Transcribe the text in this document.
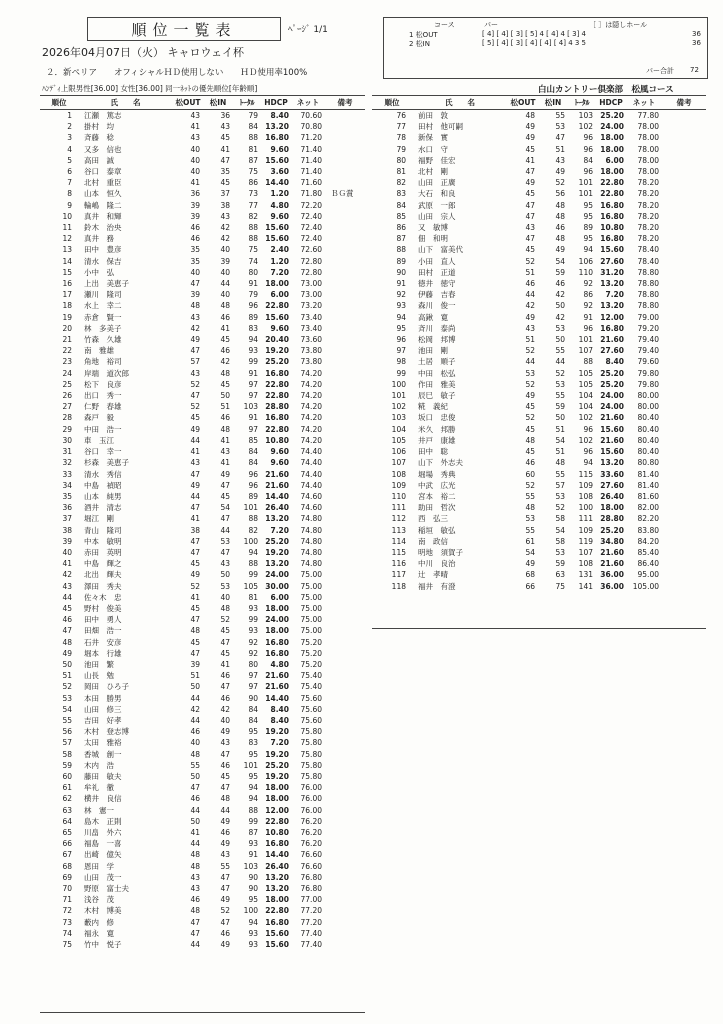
順位一覧表	ﾍﾟｰｼﾞ 1/1
2026年04月07日（火） キャロウェイ杯
２．新ペリア　　オフィシャルＨＤ使用しない　　ＨＤ使用率100%
ﾊﾝﾃﾞｨ上限男性[36.00] 女性[36.00] 同一ﾈｯﾄの優先順位[年齢順]
コース	パー	［ ］は隠しホール
1 松OUT	[ 4] [ 4] [ 3] [ 5] 4 [ 4] 4 [ 3] 4	36
2 松IN	[ 5] [ 4] [ 3] [ 4] [ 4] [ 4] 4 3 5	36
パー合計 72
白山カントリー倶楽部　松風コース
順位	氏　　名	松OUT	松IN	ﾄｰﾀﾙ	HDCP	ネット	備考
1	江瀬　篤志	43	36	79	8.40	70.60	
2	掛村　均	41	43	84	13.20	70.80	
3	斉藤　稔	43	45	88	16.80	71.20	
4	又多　信也	40	41	81	9.60	71.40	
5	高田　誠	40	47	87	15.60	71.40	
6	谷口　泰章	40	35	75	3.60	71.40	
7	北村　重臣	41	45	86	14.40	71.60	
8	山本　恒久	36	37	73	1.20	71.80	ＢＧ賞
9	輪嶋　隆二	39	38	77	4.80	72.20	
10	真井　和輝	39	43	82	9.60	72.40	
11	鈴木　治央	46	42	88	15.60	72.40	
12	真井　務	46	42	88	15.60	72.40	
13	田中　豊彦	35	40	75	2.40	72.60	
14	清水　保吉	35	39	74	1.20	72.80	
15	小中　弘	40	40	80	7.20	72.80	
16	上出　美恵子	47	44	91	18.00	73.00	
17	瀬川　隆司	39	40	79	6.00	73.00	
18	水上　幸二	48	48	96	22.80	73.20	
19	赤倉　賢一	43	46	89	15.60	73.40	
20	林　多美子	42	41	83	9.60	73.40	
21	竹森　久雄	49	45	94	20.40	73.60	
22	南　雅雄	47	46	93	19.20	73.80	
23	角地　裕司	57	42	99	25.20	73.80	
24	岸端　道次郎	43	48	91	16.80	74.20	
25	松下　良彦	52	45	97	22.80	74.20	
26	出口　秀一	47	50	97	22.80	74.20	
27	仁野　春雄	52	51	103	28.80	74.20	
28	森戸　毅	45	46	91	16.80	74.20	
29	中田　浩一	49	48	97	22.80	74.20	
30	車　玉江	44	41	85	10.80	74.20	
31	谷口　幸一	41	43	84	9.60	74.40	
32	杉森　美恵子	43	41	84	9.60	74.40	
33	清水　秀信	47	49	96	21.60	74.40	
34	中島　禎昭	49	47	96	21.60	74.40	
35	山本　純男	44	45	89	14.40	74.60	
36	酒井　清志	47	54	101	26.40	74.60	
37	堀江　剛	41	47	88	13.20	74.80	
38	青山　隆司	38	44	82	7.20	74.80	
39	中本　敏明	47	53	100	25.20	74.80	
40	赤田　英明	47	47	94	19.20	74.80	
41	中島　輝之	45	43	88	13.20	74.80	
42	北出　輝夫	49	50	99	24.00	75.00	
43	澤田　秀夫	52	53	105	30.00	75.00	
44	佐々木　忠	41	40	81	6.00	75.00	
45	野村　俊美	45	48	93	18.00	75.00	
46	田中　勇人	47	52	99	24.00	75.00	
47	田畑　浩一	48	45	93	18.00	75.00	
48	石井　安彦	45	47	92	16.80	75.20	
49	堀本　行雄	47	45	92	16.80	75.20	
50	池田　繁	39	41	80	4.80	75.20	
51	山長　勉	51	46	97	21.60	75.40	
52	岡田　ひろ子	50	47	97	21.60	75.40	
53	本田　勝男	44	46	90	14.40	75.60	
54	山田　修三	42	42	84	8.40	75.60	
55	吉田　好孝	44	40	84	8.40	75.60	
56	木村　登志博	46	49	95	19.20	75.80	
57	太田　雅裕	40	43	83	7.20	75.80	
58	香城　創一	48	47	95	19.20	75.80	
59	木内　浩	55	46	101	25.20	75.80	
60	藤田　敏夫	50	45	95	19.20	75.80	
61	牟礼　徹	47	47	94	18.00	76.00	
62	横井　良信	46	48	94	18.00	76.00	
63	林　憲一	44	44	88	12.00	76.00	
64	島木　正則	50	49	99	22.80	76.20	
65	川畠　外六	41	46	87	10.80	76.20	
66	福島　一喜	44	49	93	16.80	76.20	
67	出崎　億矢	48	43	91	14.40	76.60	
68	恩田　学	48	55	103	26.40	76.60	
69	山田　茂一	43	47	90	13.20	76.80	
70	野原　富士夫	43	47	90	13.20	76.80	
71	浅谷　茂	46	49	95	18.00	77.00	
72	木村　博美	48	52	100	22.80	77.20	
73	藪内　修	47	47	94	16.80	77.20	
74	福永　寛	47	46	93	15.60	77.40	
75	竹中　悦子	44	49	93	15.60	77.40	
順位	氏　　名	松OUT	松IN	ﾄｰﾀﾙ	HDCP	ネット	備考
76	前田　敦	48	55	103	25.20	77.80	
77	田村　他可嗣	49	53	102	24.00	78.00	
78	新保　實	49	47	96	18.00	78.00	
79	水口　守	45	51	96	18.00	78.00	
80	福野　佳宏	41	43	84	6.00	78.00	
81	北村　剛	47	49	96	18.00	78.00	
82	山田　正廣	49	52	101	22.80	78.20	
83	大石　和良	45	56	101	22.80	78.20	
84	武原　一郎	47	48	95	16.80	78.20	
85	山田　宗人	47	48	95	16.80	78.20	
86	又　敏博	43	46	89	10.80	78.20	
87	佃　和明	47	48	95	16.80	78.20	
88	山下　富美代	45	49	94	15.60	78.40	
89	小田　直人	52	54	106	27.60	78.40	
90	田村　正道	51	59	110	31.20	78.80	
91	徳井　徳守	46	46	92	13.20	78.80	
92	伊藤　吉春	44	42	86	7.20	78.80	
93	森川　俊一	42	50	92	13.20	78.80	
94	高鍬　寛	49	42	91	12.00	79.00	
95	斉川　泰尚	43	53	96	16.80	79.20	
96	松岡　邦博	51	50	101	21.60	79.40	
97	池田　剛	52	55	107	27.60	79.40	
98	土居　順子	44	44	88	8.40	79.60	
99	中田　松弘	53	52	105	25.20	79.80	
100	作田　雅美	52	53	105	25.20	79.80	
101	辰巳　敏子	49	55	104	24.00	80.00	
102	糀　義紀	45	59	104	24.00	80.00	
103	坂口　忠俊	52	50	102	21.60	80.40	
104	米久　邦勝	45	51	96	15.60	80.40	
105	井戸　康雄	48	54	102	21.60	80.40	
106	田中　聡	45	51	96	15.60	80.40	
107	山下　外志夫	46	48	94	13.20	80.80	
108	堀場　秀典	60	55	115	33.60	81.40	
109	中武　広光	52	57	109	27.60	81.40	
110	宮本　裕二	55	53	108	26.40	81.60	
111	助田　哲次	48	52	100	18.00	82.00	
112	西　弘三	53	58	111	28.80	82.20	
113	稲垣　敏弘	55	54	109	25.20	83.80	
114	南　政信	61	58	119	34.80	84.20	
115	明地　須賀子	54	53	107	21.60	85.40	
116	中川　良治	49	59	108	21.60	86.40	
117	辻　孝晴	68	63	131	36.00	95.00	
118	福井　有澄	66	75	141	36.00	105.00	
